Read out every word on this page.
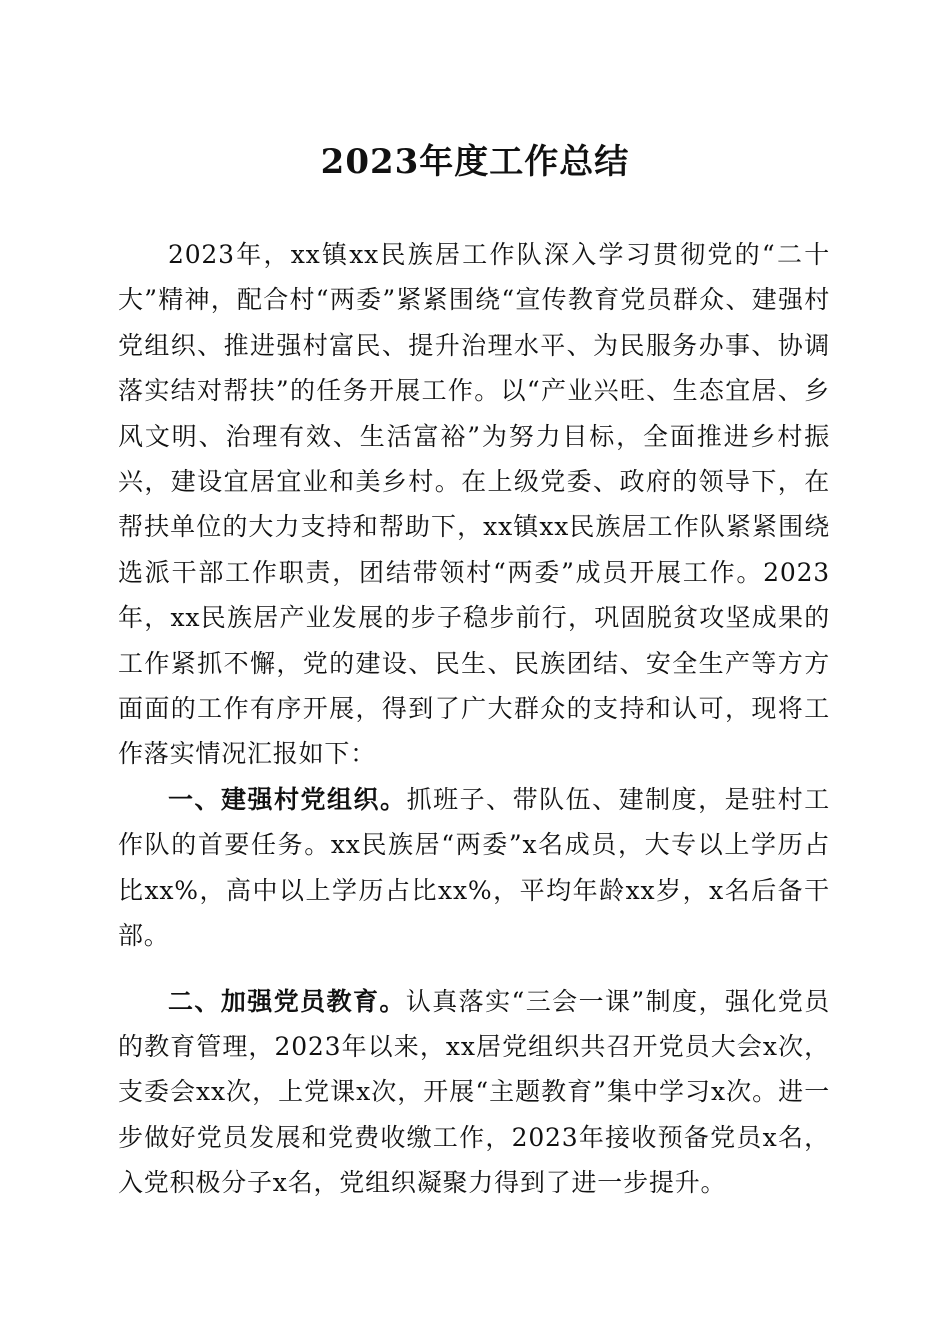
2023年度工作总结

2023年，xx镇xx民族居工作队深入学习贯彻党的“二十大”精神，配合村“两委”紧紧围绕“宣传教育党员群众、建强村党组织、推进强村富民、提升治理水平、为民服务办事、协调落实结对帮扶”的任务开展工作。以“产业兴旺、生态宜居、乡风文明、治理有效、生活富裕”为努力目标，全面推进乡村振兴，建设宜居宜业和美乡村。在上级党委、政府的领导下，在帮扶单位的大力支持和帮助下，xx镇xx民族居工作队紧紧围绕选派干部工作职责，团结带领村“两委”成员开展工作。2023年，xx民族居产业发展的步子稳步前行，巩固脱贫攻坚成果的工作紧抓不懈，党的建设、民生、民族团结、安全生产等方方面面的工作有序开展，得到了广大群众的支持和认可，现将工作落实情况汇报如下：

一、建强村党组织。抓班子、带队伍、建制度，是驻村工作队的首要任务。xx民族居“两委”x名成员，大专以上学历占比xx%，高中以上学历占比xx%，平均年龄xx岁，x名后备干部。

二、加强党员教育。认真落实“三会一课”制度，强化党员的教育管理，2023年以来，xx居党组织共召开党员大会x次，支委会xx次，上党课x次，开展“主题教育”集中学习x次。进一步做好党员发展和党费收缴工作，2023年接收预备党员x名，入党积极分子x名，党组织凝聚力得到了进一步提升。
